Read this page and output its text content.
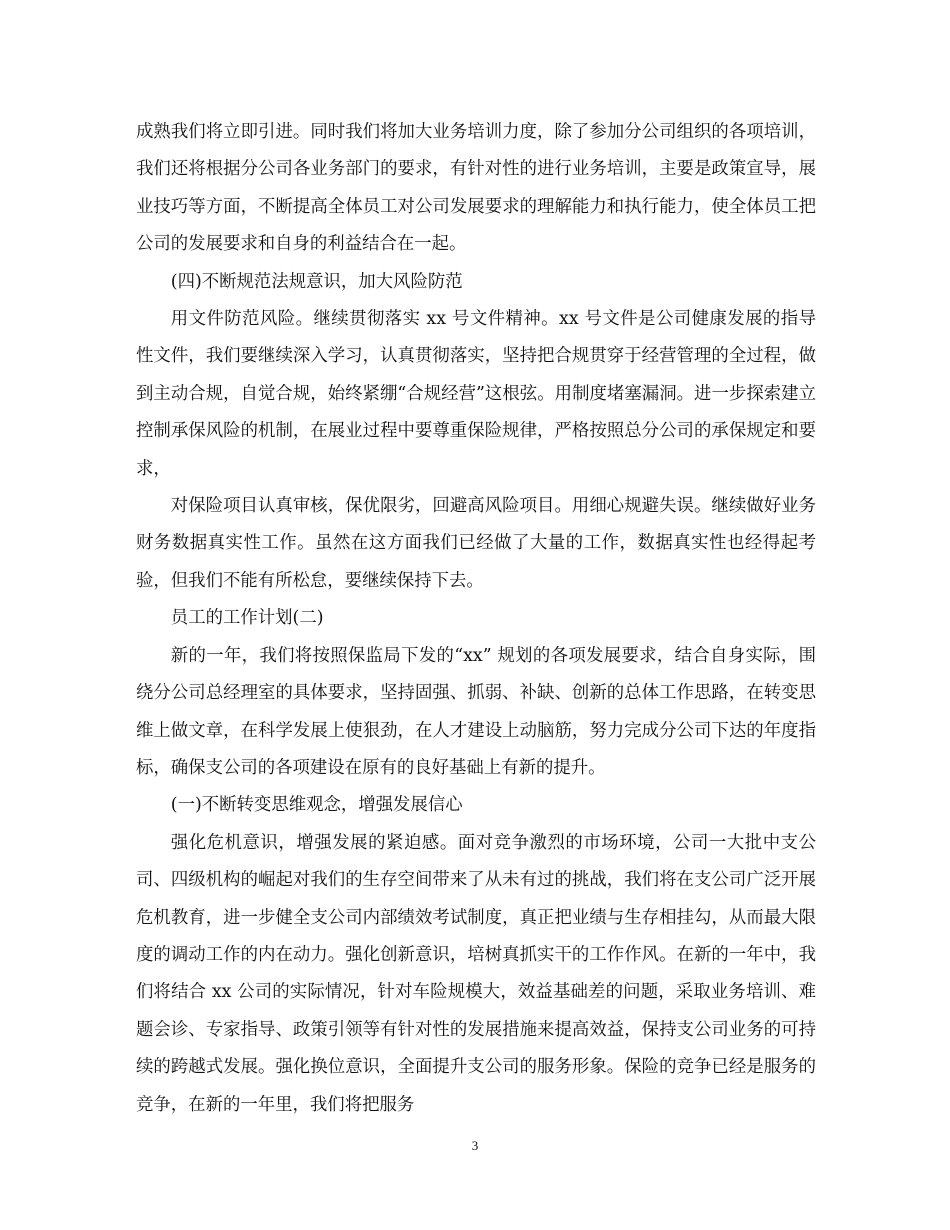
成熟我们将立即引进。同时我们将加大业务培训力度，除了参加分公司组织的各项培训，我们还将根据分公司各业务部门的要求，有针对性的进行业务培训，主要是政策宣导，展业技巧等方面，不断提高全体员工对公司发展要求的理解能力和执行能力，使全体员工把公司的发展要求和自身的利益结合在一起。

(四)不断规范法规意识，加大风险防范

用文件防范风险。继续贯彻落实 xx 号文件精神。xx 号文件是公司健康发展的指导性文件，我们要继续深入学习，认真贯彻落实，坚持把合规贯穿于经营管理的全过程，做到主动合规，自觉合规，始终紧绷“合规经营”这根弦。用制度堵塞漏洞。进一步探索建立控制承保风险的机制，在展业过程中要尊重保险规律，严格按照总分公司的承保规定和要求，

对保险项目认真审核，保优限劣，回避高风险项目。用细心规避失误。继续做好业务财务数据真实性工作。虽然在这方面我们已经做了大量的工作，数据真实性也经得起考验，但我们不能有所松怠，要继续保持下去。

员工的工作计划(二)

新的一年，我们将按照保监局下发的“xx” 规划的各项发展要求，结合自身实际，围绕分公司总经理室的具体要求，坚持固强、抓弱、补缺、创新的总体工作思路，在转变思维上做文章，在科学发展上使狠劲，在人才建设上动脑筋，努力完成分公司下达的年度指标，确保支公司的各项建设在原有的良好基础上有新的提升。

(一)不断转变思维观念，增强发展信心

强化危机意识，增强发展的紧迫感。面对竞争激烈的市场环境，公司一大批中支公司、四级机构的崛起对我们的生存空间带来了从未有过的挑战，我们将在支公司广泛开展危机教育，进一步健全支公司内部绩效考试制度，真正把业绩与生存相挂勾，从而最大限度的调动工作的内在动力。强化创新意识，培树真抓实干的工作作风。在新的一年中，我们将结合 xx 公司的实际情况，针对车险规模大，效益基础差的问题，采取业务培训、难题会诊、专家指导、政策引领等有针对性的发展措施来提高效益，保持支公司业务的可持续的跨越式发展。强化换位意识，全面提升支公司的服务形象。保险的竞争已经是服务的竞争，在新的一年里，我们将把服务

3
